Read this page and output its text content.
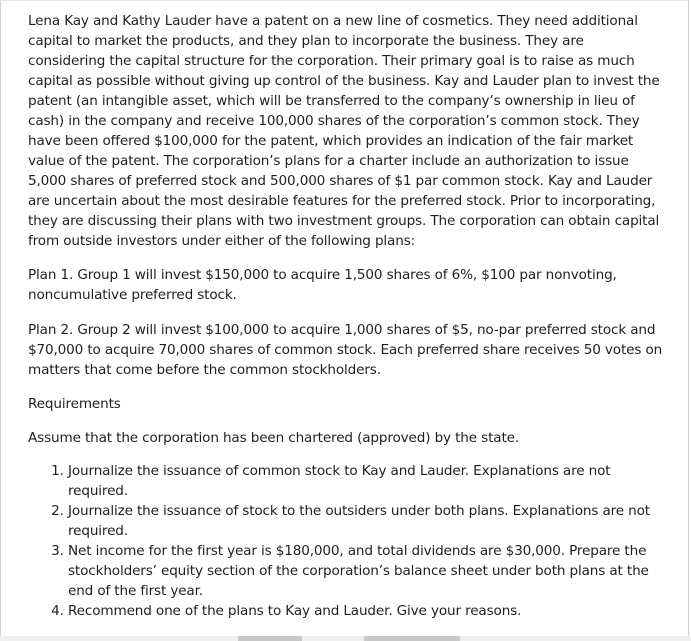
Lena Kay and Kathy Lauder have a patent on a new line of cosmetics. They need additional capital to market the products, and they plan to incorporate the business. They are considering the capital structure for the corporation. Their primary goal is to raise as much capital as possible without giving up control of the business. Kay and Lauder plan to invest the patent (an intangible asset, which will be transferred to the company’s ownership in lieu of cash) in the company and receive 100,000 shares of the corporation’s common stock. They have been offered $100,000 for the patent, which provides an indication of the fair market value of the patent. The corporation’s plans for a charter include an authorization to issue 5,000 shares of preferred stock and 500,000 shares of $1 par common stock. Kay and Lauder are uncertain about the most desirable features for the preferred stock. Prior to incorporating, they are discussing their plans with two investment groups. The corporation can obtain capital from outside investors under either of the following plans:

Plan 1. Group 1 will invest $150,000 to acquire 1,500 shares of 6%, $100 par nonvoting, noncumulative preferred stock.

Plan 2. Group 2 will invest $100,000 to acquire 1,000 shares of $5, no-par preferred stock and $70,000 to acquire 70,000 shares of common stock. Each preferred share receives 50 votes on matters that come before the common stockholders.

Requirements

Assume that the corporation has been chartered (approved) by the state.

1. Journalize the issuance of common stock to Kay and Lauder. Explanations are not required.
2. Journalize the issuance of stock to the outsiders under both plans. Explanations are not required.
3. Net income for the first year is $180,000, and total dividends are $30,000. Prepare the stockholders’ equity section of the corporation’s balance sheet under both plans at the end of the first year.
4. Recommend one of the plans to Kay and Lauder. Give your reasons.
